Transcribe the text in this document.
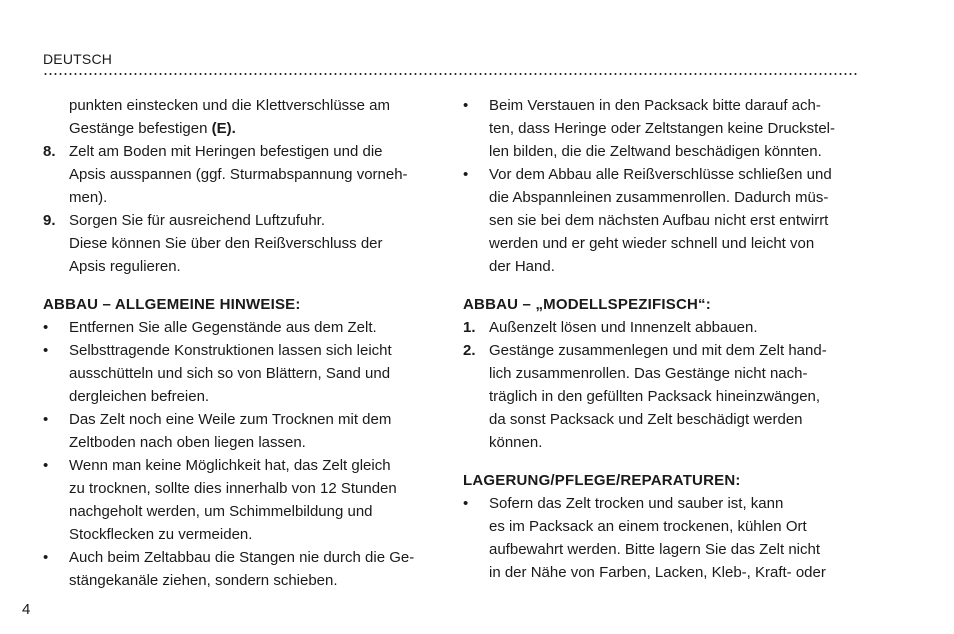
DEUTSCH
punkten einstecken und die Klettverschlüsse am
Gestänge befestigen (E).
8. Zelt am Boden mit Heringen befestigen und die
Apsis ausspannen (ggf. Sturmabspannung vorneh-
men).
9. Sorgen Sie für ausreichend Luftzufuhr.
Diese können Sie über den Reißverschluss der
Apsis regulieren.
ABBAU – ALLGEMEINE HINWEISE:
• Entfernen Sie alle Gegenstände aus dem Zelt.
• Selbsttragende Konstruktionen lassen sich leicht
ausschütteln und sich so von Blättern, Sand und
dergleichen befreien.
• Das Zelt noch eine Weile zum Trocknen mit dem
Zeltboden nach oben liegen lassen.
• Wenn man keine Möglichkeit hat, das Zelt gleich
zu trocknen, sollte dies innerhalb von 12 Stunden
nachgeholt werden, um Schimmelbildung und
Stockflecken zu vermeiden.
• Auch beim Zeltabbau die Stangen nie durch die Ge-
stängekanäle ziehen, sondern schieben.
• Beim Verstauen in den Packsack bitte darauf ach-
ten, dass Heringe oder Zeltstangen keine Druckstel-
len bilden, die die Zeltwand beschädigen könnten.
• Vor dem Abbau alle Reißverschlüsse schließen und
die Abspannleinen zusammenrollen. Dadurch müs-
sen sie bei dem nächsten Aufbau nicht erst entwirrt
werden und er geht wieder schnell und leicht von
der Hand.
ABBAU – „MODELLSPEZIFISCH“:
1. Außenzelt lösen und Innenzelt abbauen.
2. Gestänge zusammenlegen und mit dem Zelt hand-
lich zusammenrollen. Das Gestänge nicht nach-
träglich in den gefüllten Packsack hineinzwängen,
da sonst Packsack und Zelt beschädigt werden
können.
LAGERUNG/PFLEGE/REPARATUREN:
• Sofern das Zelt trocken und sauber ist, kann
es im Packsack an einem trockenen, kühlen Ort
aufbewahrt werden. Bitte lagern Sie das Zelt nicht
in der Nähe von Farben, Lacken, Kleb-, Kraft- oder
4
